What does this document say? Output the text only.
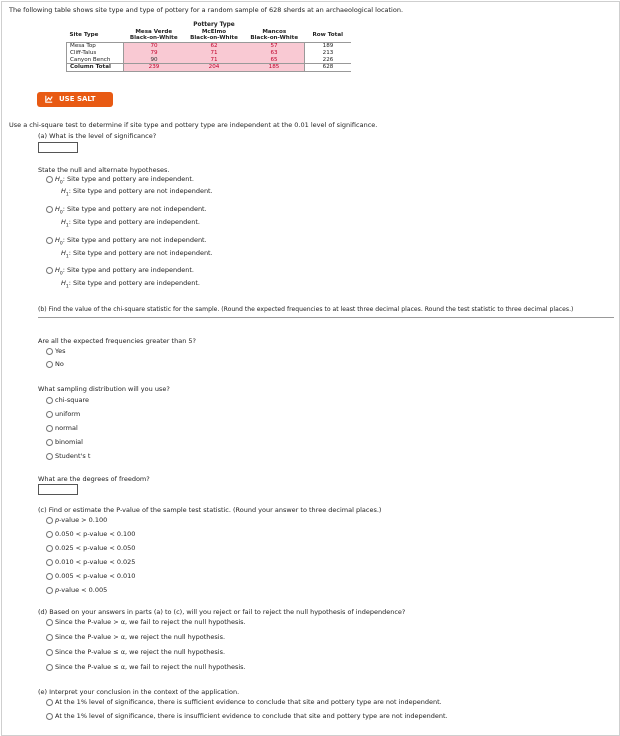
The following table shows site type and type of pottery for a random sample of 628 sherds at an archaeological location.
	Pottery Type			
Site Type	Mesa Verde	McElmo	Mancos	Row Total
	Black-on-White	Black-on-White	Black-on-White	
Mesa Top	70	62	57	189
Cliff-Talus	79	71	63	213
Canyon Bench	90	71	65	226
Column Total	239	204	185	628
USE SALT
Use a chi-square test to determine if site type and pottery type are independent at the 0.01 level of significance.
(a) What is the level of significance?
State the null and alternate hypotheses.
$H_0$: Site type and pottery are independent.
$H_1$: Site type and pottery are not independent.
$H_0$: Site type and pottery are not independent.
$H_1$: Site type and pottery are independent.
$H_0$: Site type and pottery are not independent.
$H_1$: Site type and pottery are not independent.
$H_0$: Site type and pottery are independent.
$H_1$: Site type and pottery are independent.
(b) Find the value of the chi-square statistic for the sample. (Round the expected frequencies to at least three decimal places. Round the test statistic to three decimal places.)
Are all the expected frequencies greater than 5?
Yes
No
What sampling distribution will you use?
chi-square
uniform
normal
binomial
Student's t
What are the degrees of freedom?
(c) Find or estimate the P-value of the sample test statistic. (Round your answer to three decimal places.)
p-value > 0.100
0.050 < p-value < 0.100
0.025 < p-value < 0.050
0.010 < p-value < 0.025
0.005 < p-value < 0.010
p-value < 0.005
(d) Based on your answers in parts (a) to (c), will you reject or fail to reject the null hypothesis of independence?
Since the P-value > α, we fail to reject the null hypothesis.
Since the P-value > α, we reject the null hypothesis.
Since the P-value ≤ α, we reject the null hypothesis.
Since the P-value ≤ α, we fail to reject the null hypothesis.
(e) Interpret your conclusion in the context of the application.
At the 1% level of significance, there is sufficient evidence to conclude that site and pottery type are not independent.
At the 1% level of significance, there is insufficient evidence to conclude that site and pottery type are not independent.
